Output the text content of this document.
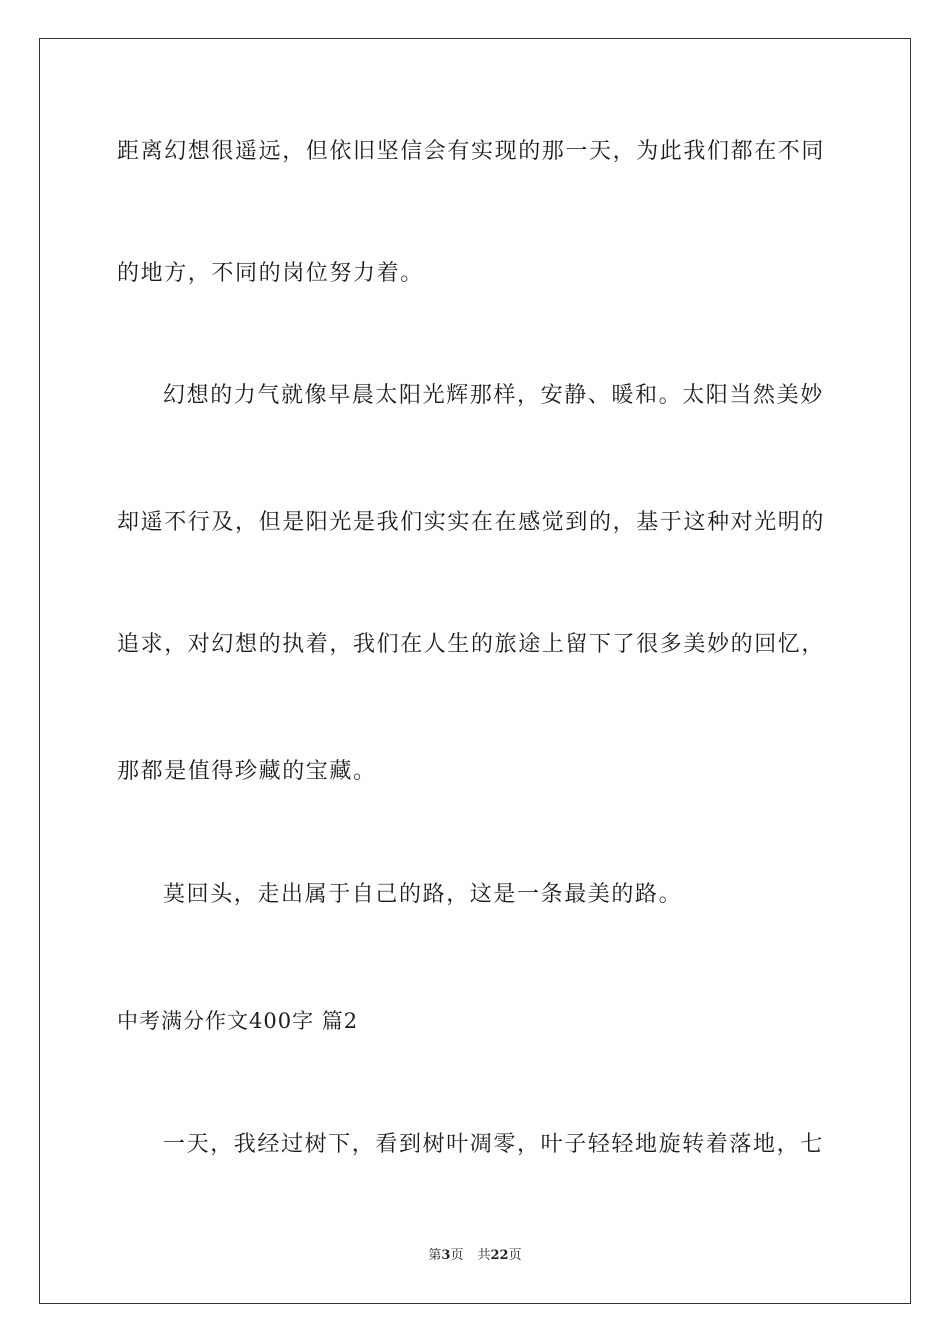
距离幻想很遥远，但依旧坚信会有实现的那一天，为此我们都在不同
的地方，不同的岗位努力着。
幻想的力气就像早晨太阳光辉那样，安静、暖和。太阳当然美妙
却遥不行及，但是阳光是我们实实在在感觉到的，基于这种对光明的
追求，对幻想的执着，我们在人生的旅途上留下了很多美妙的回忆，
那都是值得珍藏的宝藏。
莫回头，走出属于自己的路，这是一条最美的路。
中考满分作文400字 篇2
一天，我经过树下，看到树叶凋零，叶子轻轻地旋转着落地，七
第3页 共22页
